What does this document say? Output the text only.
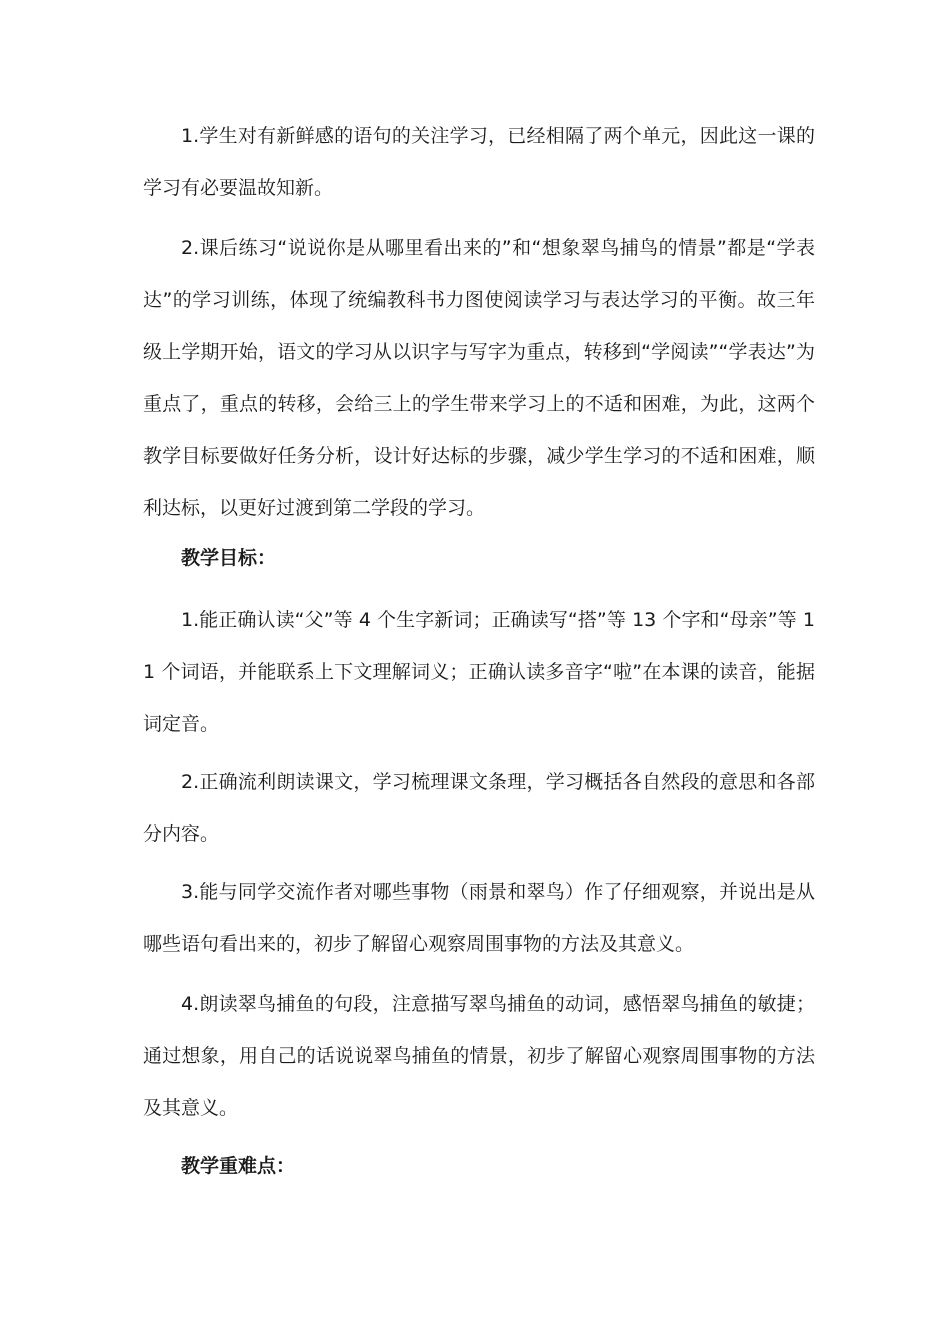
1.学生对有新鲜感的语句的关注学习，已经相隔了两个单元，因此这一课的学习有必要温故知新。

2.课后练习“说说你是从哪里看出来的”和“想象翠鸟捕鸟的情景”都是“学表达”的学习训练，体现了统编教科书力图使阅读学习与表达学习的平衡。故三年级上学期开始，语文的学习从以识字与写字为重点，转移到“学阅读”“学表达”为重点了，重点的转移，会给三上的学生带来学习上的不适和困难，为此，这两个教学目标要做好任务分析，设计好达标的步骤，减少学生学习的不适和困难，顺利达标，以更好过渡到第二学段的学习。

教学目标：

1.能正确认读“父”等 4 个生字新词；正确读写“搭”等 13 个字和“母亲”等 11 个词语，并能联系上下文理解词义；正确认读多音字“啦”在本课的读音，能据词定音。

2.正确流利朗读课文，学习梳理课文条理，学习概括各自然段的意思和各部分内容。

3.能与同学交流作者对哪些事物（雨景和翠鸟）作了仔细观察，并说出是从哪些语句看出来的，初步了解留心观察周围事物的方法及其意义。

4.朗读翠鸟捕鱼的句段，注意描写翠鸟捕鱼的动词，感悟翠鸟捕鱼的敏捷；通过想象，用自己的话说说翠鸟捕鱼的情景，初步了解留心观察周围事物的方法及其意义。

教学重难点：
